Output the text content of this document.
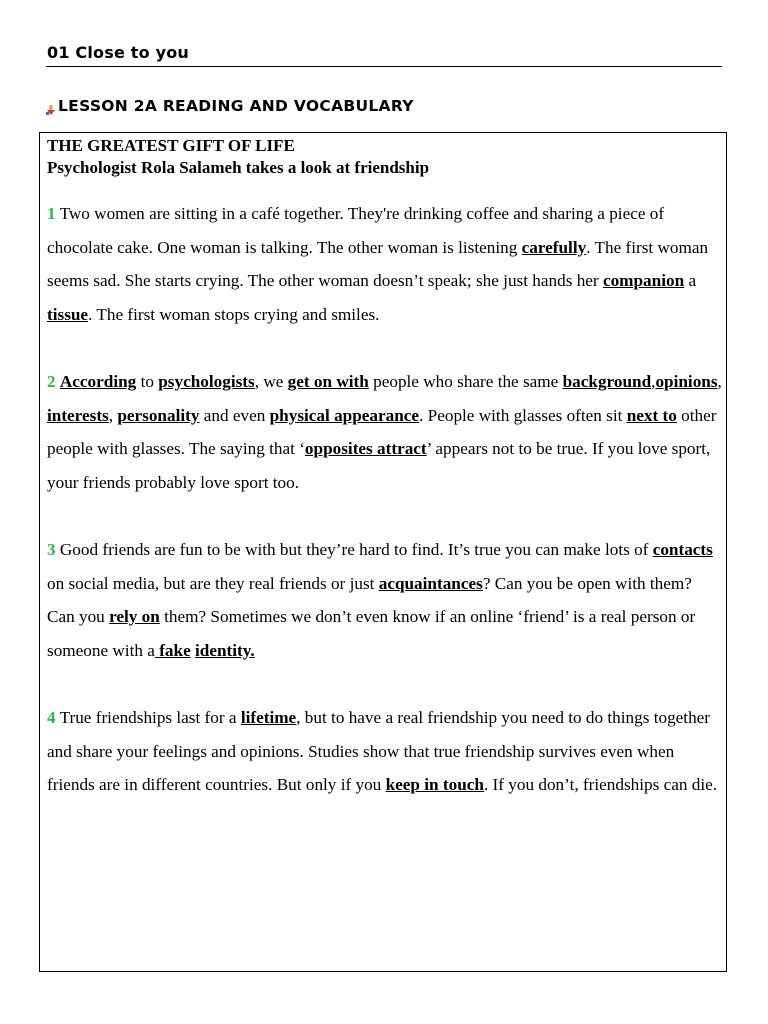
01 Close to you
LESSON 2A READING AND VOCABULARY
THE GREATEST GIFT OF LIFE
Psychologist Rola Salameh takes a look at friendship

1 Two women are sitting in a café together. They're drinking coffee and sharing a piece of chocolate cake. One woman is talking. The other woman is listening carefully. The first woman seems sad. She starts crying. The other woman doesn’t speak; she just hands her companion a tissue. The first woman stops crying and smiles.

2 According to psychologists, we get on with people who share the same background,opinions, interests, personality and even physical appearance. People with glasses often sit next to other people with glasses. The saying that ‘opposites attract’ appears not to be true. If you love sport, your friends probably love sport too.

3 Good friends are fun to be with but they’re hard to find. It’s true you can make lots of contacts on social media, but are they real friends or just acquaintances? Can you be open with them? Can you rely on them? Sometimes we don’t even know if an online ‘friend’ is a real person or someone with a fake identity.

4 True friendships last for a lifetime, but to have a real friendship you need to do things together and share your feelings and opinions. Studies show that true friendship survives even when friends are in different countries. But only if you keep in touch. If you don’t, friendships can die.
